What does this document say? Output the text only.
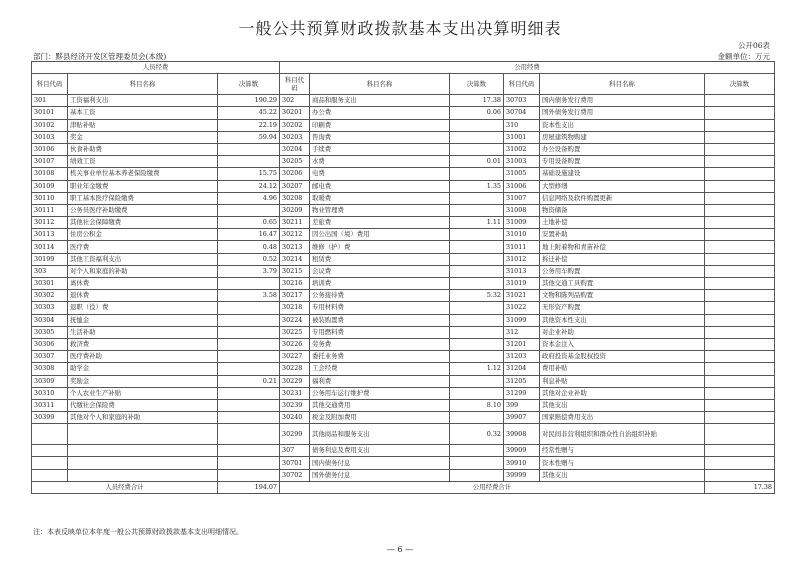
一般公共预算财政拨款基本支出决算明细表
公开06表
部门：黟县经济开发区管理委员会(本级)	金额单位：万元
人员经费			公用经费					
科目代码	科目名称	决算数	科目代码	科目名称	决算数	科目代码	科目名称	决算数
301	工资福利支出	190.29	302	商品和服务支出	17.38	30703	国内债务发行费用	
30101	基本工资	45.22	30201	办公费	0.06	30704	国外债务发行费用	
30102	津贴补贴	22.19	30202	印刷费		310	资本性支出	
30103	奖金	59.94	30203	咨询费		31001	房屋建筑物购建	
30106	伙食补助费		30204	手续费		31002	办公设备购置	
30107	绩效工资		30205	水费	0.01	31003	专用设备购置	
30108	机关事业单位基本养老保险缴费	15.75	30206	电费		31005	基础设施建设	
30109	职业年金缴费	24.12	30207	邮电费	1.35	31006	大型修缮	
30110	职工基本医疗保险缴费	4.96	30208	取暖费		31007	信息网络及软件购置更新	
30111	公务员医疗补助缴费		30209	物业管理费		31008	物资储备	
30112	其他社会保障缴费	0.65	30211	差旅费	1.11	31009	土地补偿	
30113	住房公积金	16.47	30212	因公出国（境）费用		31010	安置补助	
30114	医疗费	0.48	30213	维修（护）费		31011	地上附着物和青苗补偿	
30199	其他工资福利支出	0.52	30214	租赁费		31012	拆迁补偿	
303	对个人和家庭的补助	3.79	30215	会议费		31013	公务用车购置	
30301	离休费		30216	培训费		31019	其他交通工具购置	
30302	退休费	3.58	30217	公务接待费	5.32	31021	文物和陈列品购置	
30303	退职（役）费		30218	专用材料费		31022	无形资产购置	
30304	抚恤金		30224	被装购置费		31099	其他资本性支出	
30305	生活补助		30225	专用燃料费		312	对企业补助	
30306	救济费		30226	劳务费		31201	资本金注入	
30307	医疗费补助		30227	委托业务费		31203	政府投资基金股权投资	
30308	助学金		30228	工会经费	1.12	31204	费用补贴	
30309	奖励金	0.21	30229	福利费		31205	利息补贴	
30310	个人农业生产补贴		30231	公务用车运行维护费		31299	其他对企业补助	
30311	代缴社会保险费		30239	其他交通费用	8.10	399	其他支出	
30399	其他对个人和家庭的补助		30240	税金及附加费用		39907	国家赔偿费用支出	
			30299	其他商品和服务支出	0.32	39908	对民间非营利组织和群众性自治组织补贴	
			307	债务利息及费用支出		39909	经常性赠与	
			30701	国内债务付息		39910	资本性赠与	
			30702	国外债务付息		39999	其他支出	
人员经费合计		194.07	公用经费合计					17.38
注：本表反映单位本年度一般公共预算财政拨款基本支出明细情况。
— 6 —
